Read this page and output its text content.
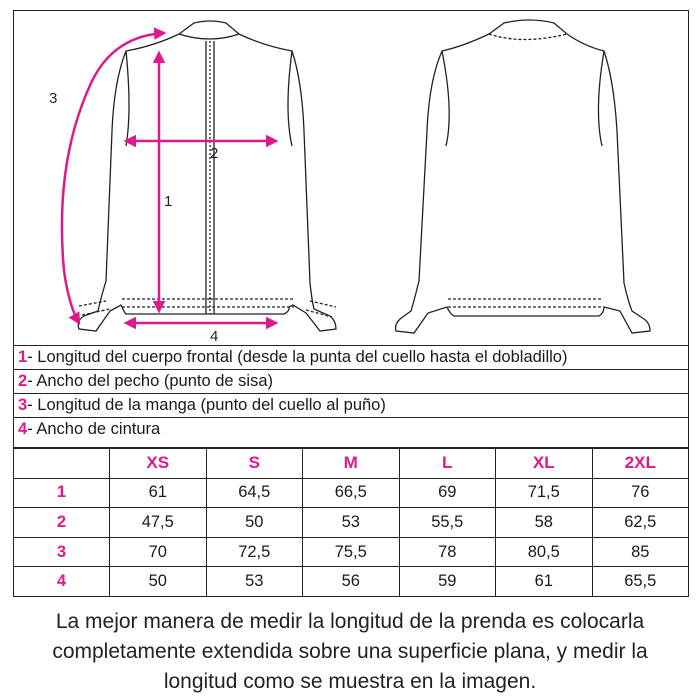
1
2
3
4
1- Longitud del cuerpo frontal (desde la punta del cuello hasta el dobladillo)
2- Ancho del pecho (punto de sisa)
3- Longitud de la manga (punto del cuello al puño)
4- Ancho de cintura
	XS	S	M	L	XL	2XL
1	61	64,5	66,5	69	71,5	76
2	47,5	50	53	55,5	58	62,5
3	70	72,5	75,5	78	80,5	85
4	50	53	56	59	61	65,5
La mejor manera de medir la longitud de la prenda es colocarla
completamente extendida sobre una superficie plana, y medir la
longitud como se muestra en la imagen.
